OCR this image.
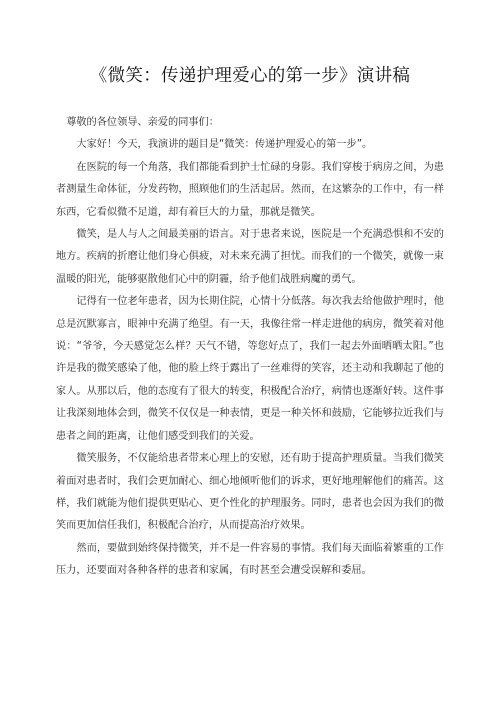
《微笑：传递护理爱心的第一步》演讲稿

尊敬的各位领导、亲爱的同事们：

大家好！今天，我演讲的题目是“微笑：传递护理爱心的第一步”。

在医院的每一个角落，我们都能看到护士忙碌的身影。我们穿梭于病房之间，为患者测量生命体征，分发药物，照顾他们的生活起居。然而，在这繁杂的工作中，有一样东西，它看似微不足道，却有着巨大的力量，那就是微笑。

微笑，是人与人之间最美丽的语言。对于患者来说，医院是一个充满恐惧和不安的地方。疾病的折磨让他们身心俱疲，对未来充满了担忧。而我们的一个微笑，就像一束温暖的阳光，能够驱散他们心中的阴霾，给予他们战胜病魔的勇气。

记得有一位老年患者，因为长期住院，心情十分低落。每次我去给他做护理时，他总是沉默寡言，眼神中充满了绝望。有一天，我像往常一样走进他的病房，微笑着对他说：“爷爷，今天感觉怎么样？天气不错，等您好点了，我们一起去外面晒晒太阳。”也许是我的微笑感染了他，他的脸上终于露出了一丝难得的笑容，还主动和我聊起了他的家人。从那以后，他的态度有了很大的转变，积极配合治疗，病情也逐渐好转。这件事让我深刻地体会到，微笑不仅仅是一种表情，更是一种关怀和鼓励，它能够拉近我们与患者之间的距离，让他们感受到我们的关爱。

微笑服务，不仅能给患者带来心理上的安慰，还有助于提高护理质量。当我们微笑着面对患者时，我们会更加耐心、细心地倾听他们的诉求，更好地理解他们的痛苦。这样，我们就能为他们提供更贴心、更个性化的护理服务。同时，患者也会因为我们的微笑而更加信任我们，积极配合治疗，从而提高治疗效果。

然而，要做到始终保持微笑，并不是一件容易的事情。我们每天面临着繁重的工作压力，还要面对各种各样的患者和家属，有时甚至会遭受误解和委屈。
